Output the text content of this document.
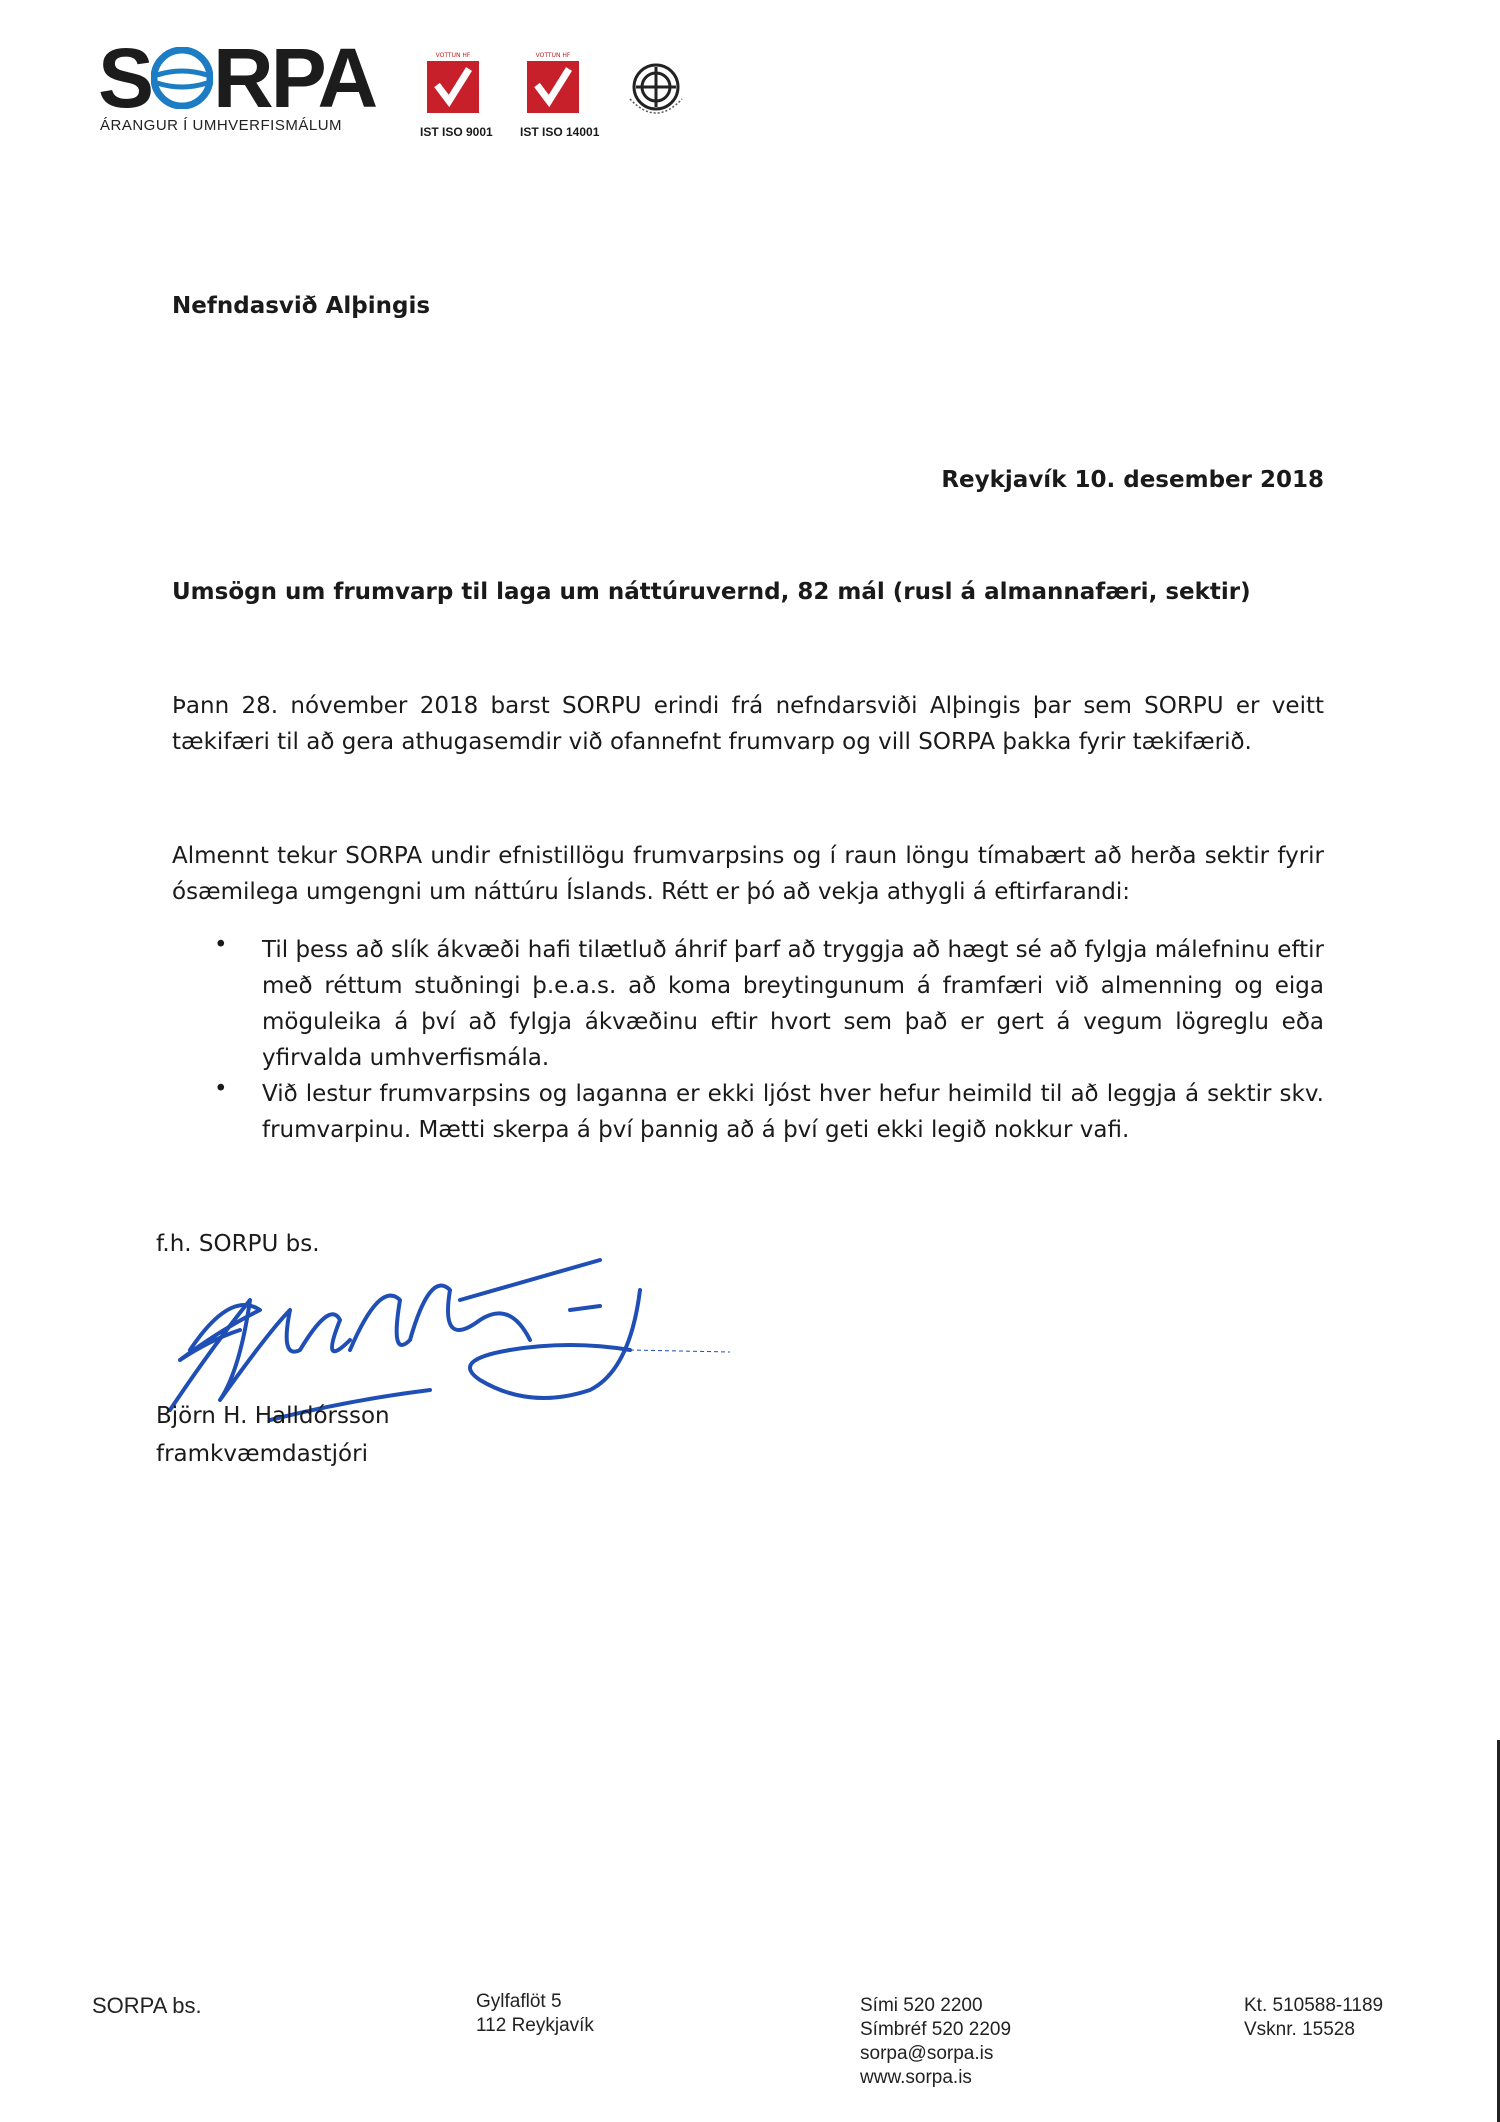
S RPA
ÁRANGUR Í UMHVERFISMÁLUM
VOTTUN HF
IST ISO 9001
VOTTUN HF
IST ISO 14001
Nefndasvið Alþingis
Reykjavík 10. desember 2018
Umsögn um frumvarp til laga um náttúruvernd, 82 mál (rusl á almannafæri, sektir)
Þann 28. nóvember 2018 barst SORPU erindi frá nefndarsviði Alþingis þar sem SORPU er veitt tækifæri til að gera athugasemdir við ofannefnt frumvarp og vill SORPA þakka fyrir tækifærið.
Almennt tekur SORPA undir efnistillögu frumvarpsins og í raun löngu tímabært að herða sektir fyrir ósæmilega umgengni um náttúru Íslands. Rétt er þó að vekja athygli á eftirfarandi:
• Til þess að slík ákvæði hafi tilætluð áhrif þarf að tryggja að hægt sé að fylgja málefninu eftir með réttum stuðningi þ.e.a.s. að koma breytingunum á framfæri við almenning og eiga möguleika á því að fylgja ákvæðinu eftir hvort sem það er gert á vegum lögreglu eða yfirvalda umhverfismála.
• Við lestur frumvarpsins og laganna er ekki ljóst hver hefur heimild til að leggja á sektir skv. frumvarpinu. Mætti skerpa á því þannig að á því geti ekki legið nokkur vafi.
f.h. SORPU bs.
Björn H. Halldórsson
framkvæmdastjóri
SORPA bs.	Gylfaflöt 5
112 Reykjavík
Sími 520 2200
Símbréf 520 2209
sorpa@sorpa.is
www.sorpa.is
Kt. 510588-1189
Vsknr. 15528
